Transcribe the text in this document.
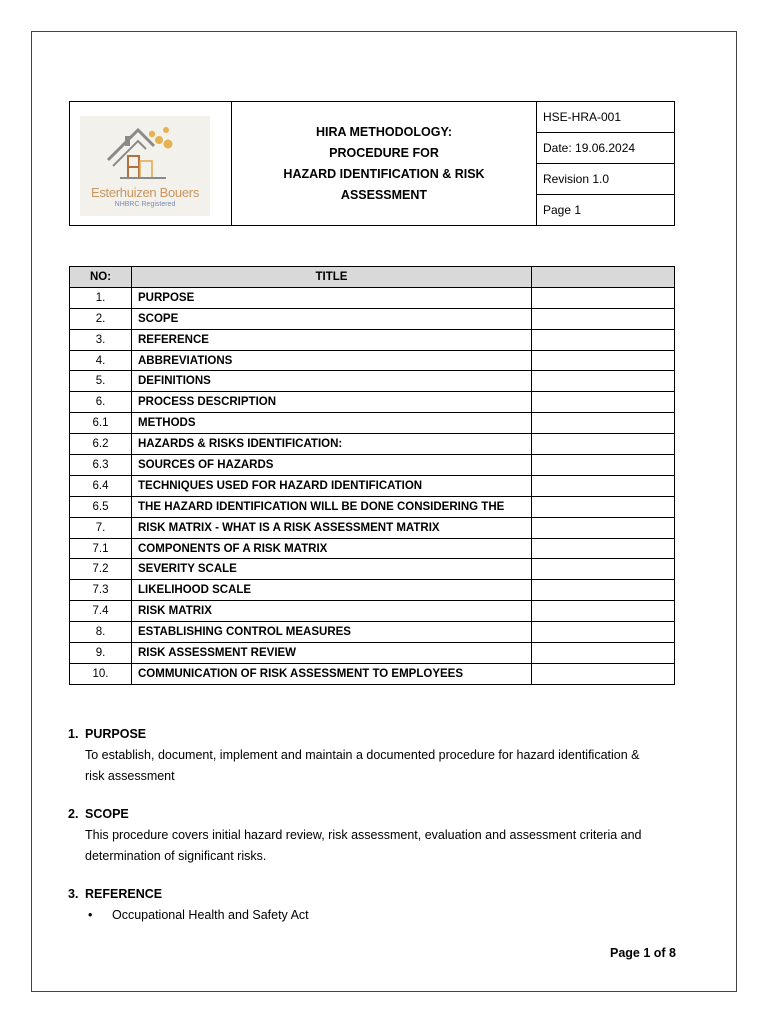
Esterhuizen Bouers
NHBRC Registered
HIRA METHODOLOGY:
PROCEDURE FOR
HAZARD IDENTIFICATION & RISK
ASSESSMENT
HSE-HRA-001
Date: 19.06.2024
Revision 1.0
Page 1
NO:	TITLE	
1.	PURPOSE	
2.	SCOPE	
3.	REFERENCE	
4.	ABBREVIATIONS	
5.	DEFINITIONS	
6.	PROCESS DESCRIPTION	
6.1	METHODS	
6.2	HAZARDS & RISKS IDENTIFICATION:	
6.3	SOURCES OF HAZARDS	
6.4	TECHNIQUES USED FOR HAZARD IDENTIFICATION	
6.5	THE HAZARD IDENTIFICATION WILL BE DONE CONSIDERING THE	
7.	RISK MATRIX - WHAT IS A RISK ASSESSMENT MATRIX	
7.1	COMPONENTS OF A RISK MATRIX	
7.2	SEVERITY SCALE	
7.3	LIKELIHOOD SCALE	
7.4	RISK MATRIX	
8.	ESTABLISHING CONTROL MEASURES	
9.	RISK ASSESSMENT REVIEW	
10.	COMMUNICATION OF RISK ASSESSMENT TO EMPLOYEES	
1. PURPOSE
To establish, document, implement and maintain a documented procedure for hazard identification &
risk assessment
2. SCOPE
This procedure covers initial hazard review, risk assessment, evaluation and assessment criteria and
determination of significant risks.
3. REFERENCE
• Occupational Health and Safety Act
Page 1 of 8
